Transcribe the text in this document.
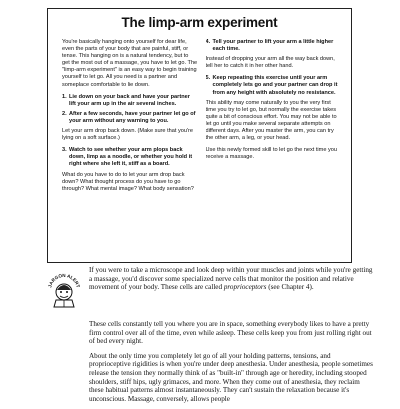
The limp-arm experiment

You're basically hanging onto yourself for dear life, even the parts of your body that are painful, stiff, or tense. This hanging on is a natural tendency, but to get the most out of a massage, you have to let go. The "limp-arm experiment" is an easy way to begin training yourself to let go. All you need is a partner and someplace comfortable to lie down.

1. Lie down on your back and have your partner lift your arm up in the air several inches.
2. After a few seconds, have your partner let go of your arm without any warning to you.

Let your arm drop back down. (Make sure that you're lying on a soft surface.)

3. Watch to see whether your arm plops back down, limp as a noodle, or whether you hold it right where she left it, stiff as a board.

What do you have to do to let your arm drop back down? What thought process do you have to go through? What mental image? What body sensation?

4. Tell your partner to lift your arm a little higher each time.

Instead of dropping your arm all the way back down, tell her to catch it in her other hand.

5. Keep repeating this exercise until your arm completely lets go and your partner can drop it from any height with absolutely no resistance.

This ability may come naturally to you the very first time you try to let go, but normally the exercise takes quite a bit of conscious effort. You may not be able to let go until you make several separate attempts on different days. After you master the arm, you can try the other arm, a leg, or your head.

Use this newly formed skill to let go the next time you receive a massage.

JARGON ALERT

If you were to take a microscope and look deep within your muscles and joints while you're getting a massage, you'd discover some specialized nerve cells that monitor the position and relative movement of your body. These cells are called proprioceptors (see Chapter 4).

These cells constantly tell you where you are in space, something everybody likes to have a pretty firm control over all of the time, even while asleep. These cells keep you from just rolling right out of bed every night.

About the only time you completely let go of all your holding patterns, tensions, and proprioceptive rigidities is when you're under deep anesthesia. Under anesthesia, people sometimes release the tension they normally think of as "built-in" through age or heredity, including stooped shoulders, stiff hips, ugly grimaces, and more. When they come out of anesthesia, they reclaim these habitual patterns almost instantaneously. They can't sustain the relaxation because it's unconscious. Massage, conversely, allows people
